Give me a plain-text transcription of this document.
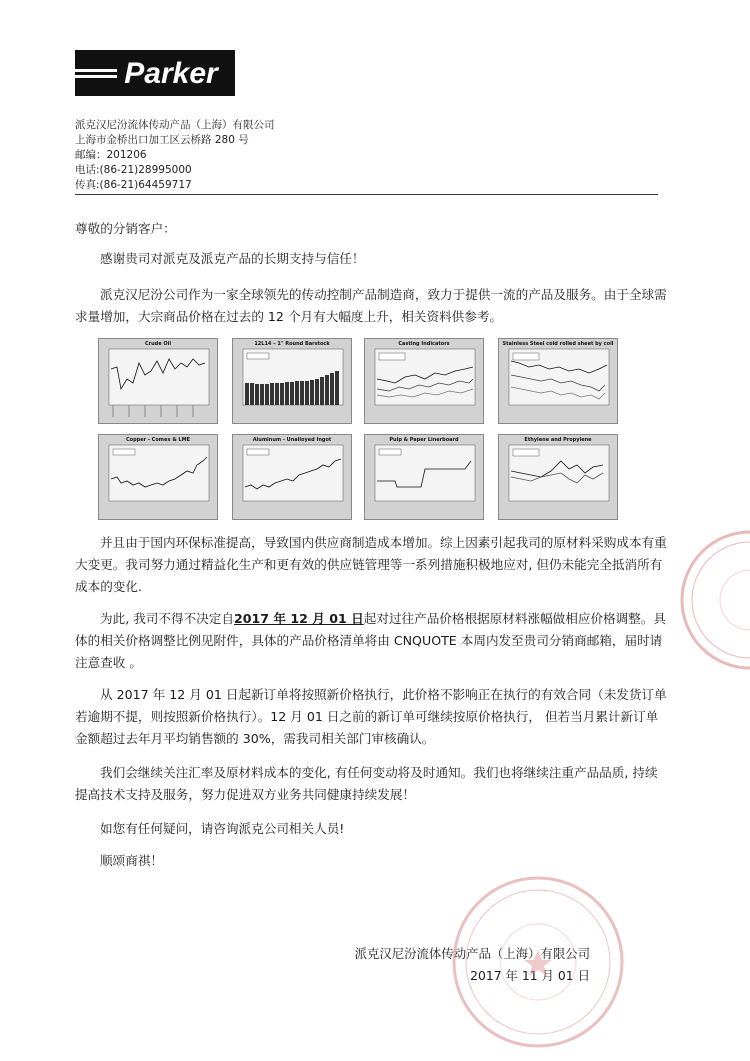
Parker
派克汉尼汾流体传动产品（上海）有限公司
上海市金桥出口加工区云桥路 280 号
邮编：201206
电话:(86-21)28995000
传真:(86-21)64459717
尊敬的分销客户：
感谢贵司对派克及派克产品的长期支持与信任！
派克汉尼汾公司作为一家全球领先的传动控制产品制造商，致力于提供一流的产品及服务。由于全球需求量增加，大宗商品价格在过去的 12 个月有大幅度上升，相关资料供参考。
Crude Oil	12L14 – 1" Round Barstock	Casting Indicators	Stainless Steel cold rolled sheet by coil
Copper - Comex & LME	Aluminum - Unalloyed Ingot	Pulp & Paper Linerboard	Ethylene and Propylene
并且由于国内环保标准提高，导致国内供应商制造成本增加。综上因素引起我司的原材料采购成本有重大变更。我司努力通过精益化生产和更有效的供应链管理等一系列措施积极地应对, 但仍未能完全抵消所有成本的变化.
为此, 我司不得不决定自2017 年 12 月 01 日起对过往产品价格根据原材料涨幅做相应价格调整。具体的相关价格调整比例见附件，具体的产品价格清单将由 CNQUOTE 本周内发至贵司分销商邮箱，届时请注意查收 。
从 2017 年 12 月 01 日起新订单将按照新价格执行，此价格不影响正在执行的有效合同（未发货订单若逾期不提，则按照新价格执行）。12 月 01 日之前的新订单可继续按原价格执行， 但若当月累计新订单金额超过去年月平均销售额的 30%，需我司相关部门审核确认。
我们会继续关注汇率及原材料成本的变化, 有任何变动将及时通知。我们也将继续注重产品品质, 持续提高技术支持及服务，努力促进双方业务共同健康持续发展！
如您有任何疑问，请咨询派克公司相关人员!
顺颂商祺！
派克汉尼汾流体传动产品（上海）有限公司
2017 年 11 月 01 日
